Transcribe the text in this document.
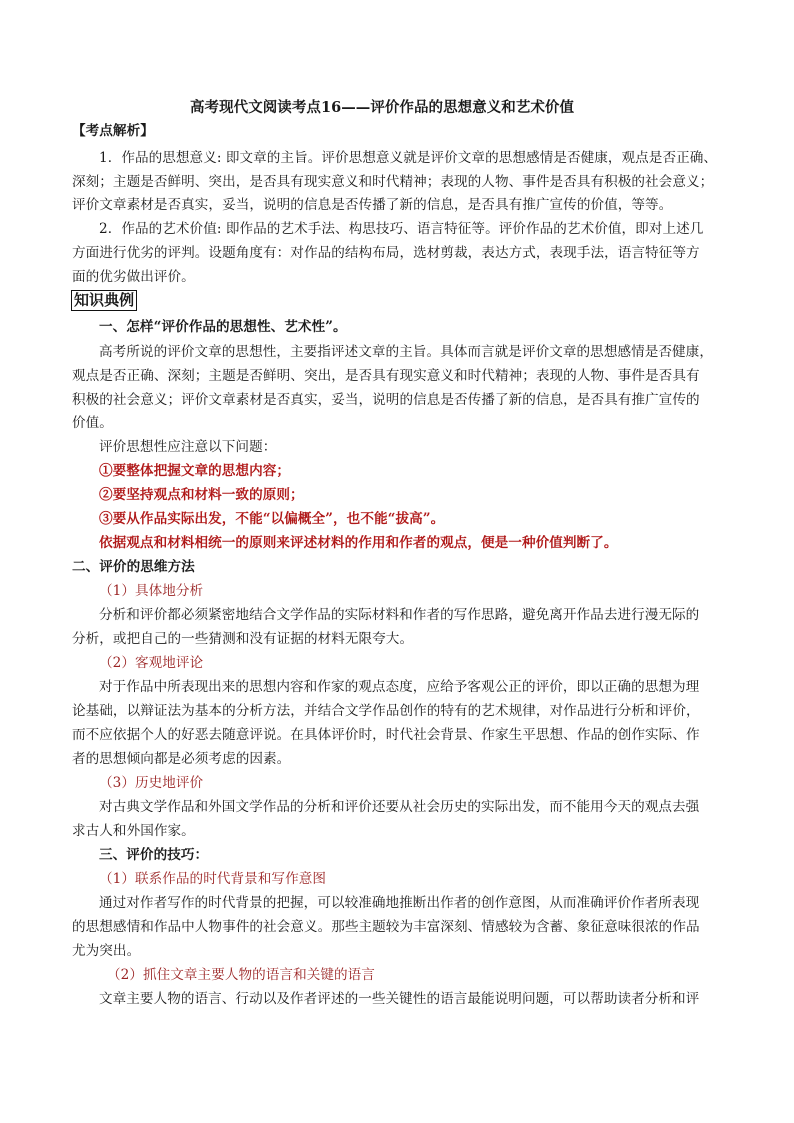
高考现代文阅读考点16——评价作品的思想意义和艺术价值
【考点解析】
1．作品的思想意义: 即文章的主旨。评价思想意义就是评价文章的思想感情是否健康，观点是否正确、
深刻；主题是否鲜明、突出，是否具有现实意义和时代精神；表现的人物、事件是否具有积极的社会意义；
评价文章素材是否真实，妥当，说明的信息是否传播了新的信息，是否具有推广宣传的价值，等等。
2．作品的艺术价值: 即作品的艺术手法、构思技巧、语言特征等。评价作品的艺术价值，即对上述几
方面进行优劣的评判。设题角度有：对作品的结构布局，选材剪裁，表达方式，表现手法，语言特征等方
面的优劣做出评价。
知识典例
一、怎样“评价作品的思想性、艺术性”。
高考所说的评价文章的思想性，主要指评述文章的主旨。具体而言就是评价文章的思想感情是否健康，
观点是否正确、深刻；主题是否鲜明、突出，是否具有现实意义和时代精神；表现的人物、事件是否具有
积极的社会意义；评价文章素材是否真实，妥当，说明的信息是否传播了新的信息，是否具有推广宣传的
价值。
评价思想性应注意以下问题：
①要整体把握文章的思想内容；
②要坚持观点和材料一致的原则；
③要从作品实际出发，不能“以偏概全”，也不能“拔高”。
依据观点和材料相统一的原则来评述材料的作用和作者的观点，便是一种价值判断了。
二、评价的思维方法
（1）具体地分析
分析和评价都必须紧密地结合文学作品的实际材料和作者的写作思路，避免离开作品去进行漫无际的
分析，或把自己的一些猜测和没有证据的材料无限夸大。
（2）客观地评论
对于作品中所表现出来的思想内容和作家的观点态度，应给予客观公正的评价，即以正确的思想为理
论基础，以辩证法为基本的分析方法，并结合文学作品创作的特有的艺术规律，对作品进行分析和评价，
而不应依据个人的好恶去随意评说。在具体评价时，时代社会背景、作家生平思想、作品的创作实际、作
者的思想倾向都是必须考虑的因素。
（3）历史地评价
对古典文学作品和外国文学作品的分析和评价还要从社会历史的实际出发，而不能用今天的观点去强
求古人和外国作家。
三、评价的技巧：
（1）联系作品的时代背景和写作意图
通过对作者写作的时代背景的把握，可以较准确地推断出作者的创作意图，从而准确评价作者所表现
的思想感情和作品中人物事件的社会意义。那些主题较为丰富深刻、情感较为含蓄、象征意味很浓的作品
尤为突出。
（2）抓住文章主要人物的语言和关键的语言
文章主要人物的语言、行动以及作者评述的一些关键性的语言最能说明问题，可以帮助读者分析和评
